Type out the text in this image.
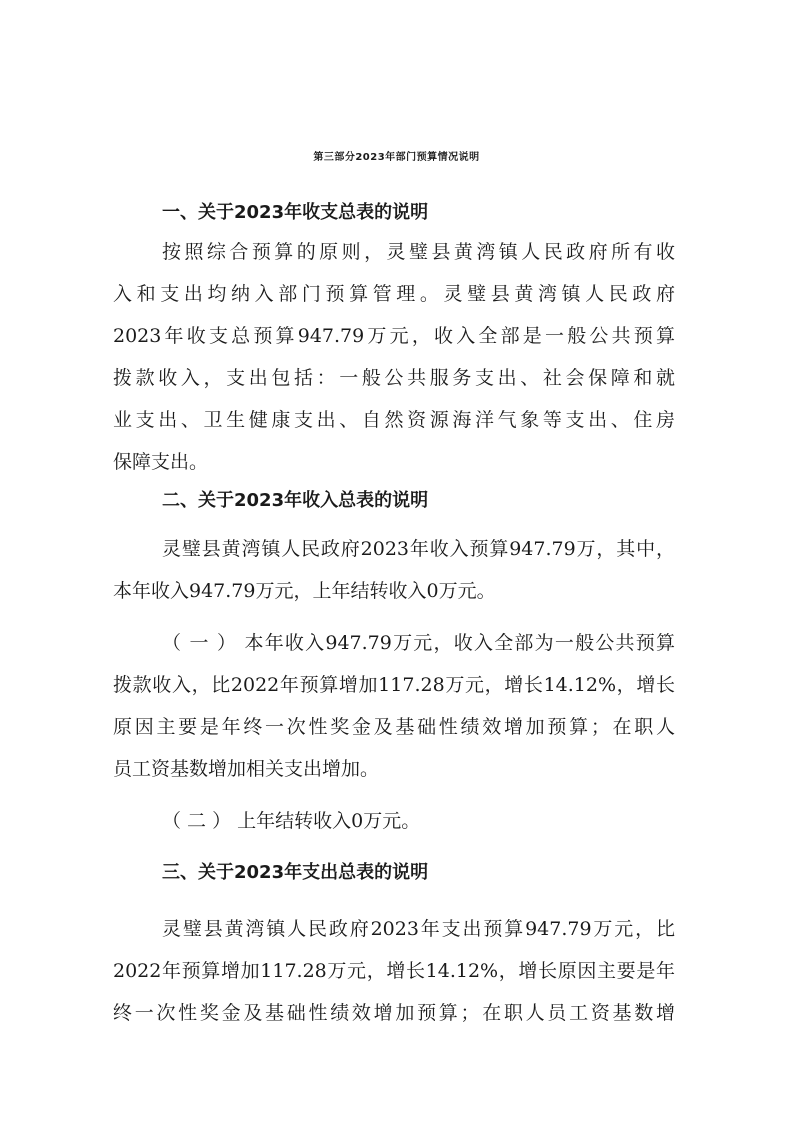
第三部分2023年部门预算情况说明
一、关于2023年收支总表的说明
按照综合预算的原则，灵璧县黄湾镇人民政府所有收
入和支出均纳入部门预算管理。灵璧县黄湾镇人民政府
2023年收支总预算947.79万元，收入全部是一般公共预算
拨款收入，支出包括：一般公共服务支出、社会保障和就
业支出、卫生健康支出、自然资源海洋气象等支出、住房
保障支出。
二、关于2023年收入总表的说明
灵璧县黄湾镇人民政府2023年收入预算947.79万，其中，
本年收入947.79万元，上年结转收入0万元。
（ 一 ） 本年收入947.79万元，收入全部为一般公共预算
拨款收入，比2022年预算增加117.28万元，增长14.12%，增长
原因主要是年终一次性奖金及基础性绩效增加预算；在职人
员工资基数增加相关支出增加。
（ 二 ） 上年结转收入0万元。
三、关于2023年支出总表的说明
灵璧县黄湾镇人民政府2023年支出预算947.79万元，比
2022年预算增加117.28万元，增长14.12%，增长原因主要是年
终一次性奖金及基础性绩效增加预算；在职人员工资基数增
